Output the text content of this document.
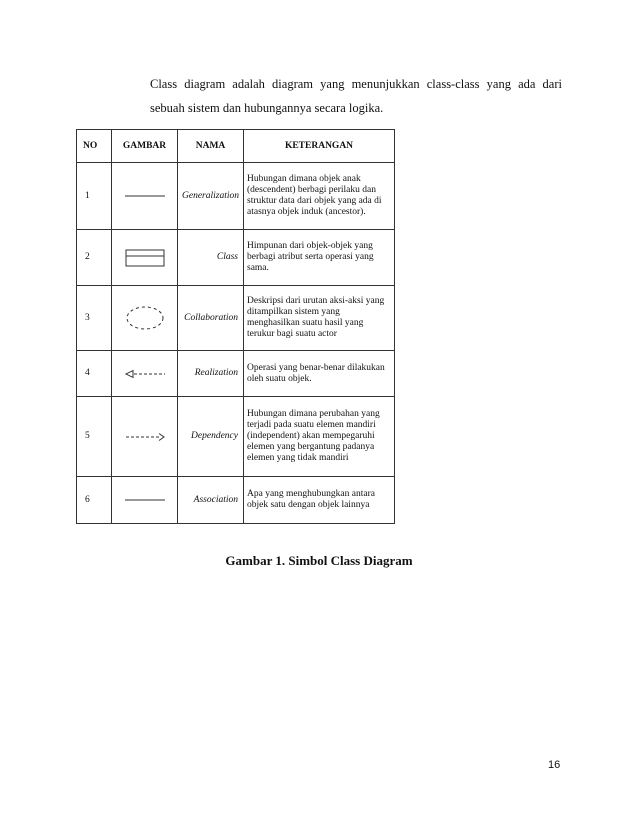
Class diagram adalah diagram yang menunjukkan class-class yang ada dari
sebuah sistem dan hubungannya secara logika.

NO	GAMBAR	NAMA	KETERANGAN
1		Generalization	Hubungan dimana objek anak
(descendent) berbagi perilaku dan
struktur data dari objek yang ada di
atasnya objek induk (ancestor).
2		Class	Himpunan dari objek-objek yang
berbagi atribut serta operasi yang
sama.
3		Collaboration	Deskripsi dari urutan aksi-aksi yang
ditampilkan sistem yang
menghasilkan suatu hasil yang
terukur bagi suatu actor
4		Realization	Operasi yang benar-benar dilakukan
oleh suatu objek.
5		Dependency	Hubungan dimana perubahan yang
terjadi pada suatu elemen mandiri
(independent) akan mempegaruhi
elemen yang bergantung padanya
elemen yang tidak mandiri
6		Association	Apa yang menghubungkan antara
objek satu dengan objek lainnya

Gambar 1. Simbol Class Diagram

16
